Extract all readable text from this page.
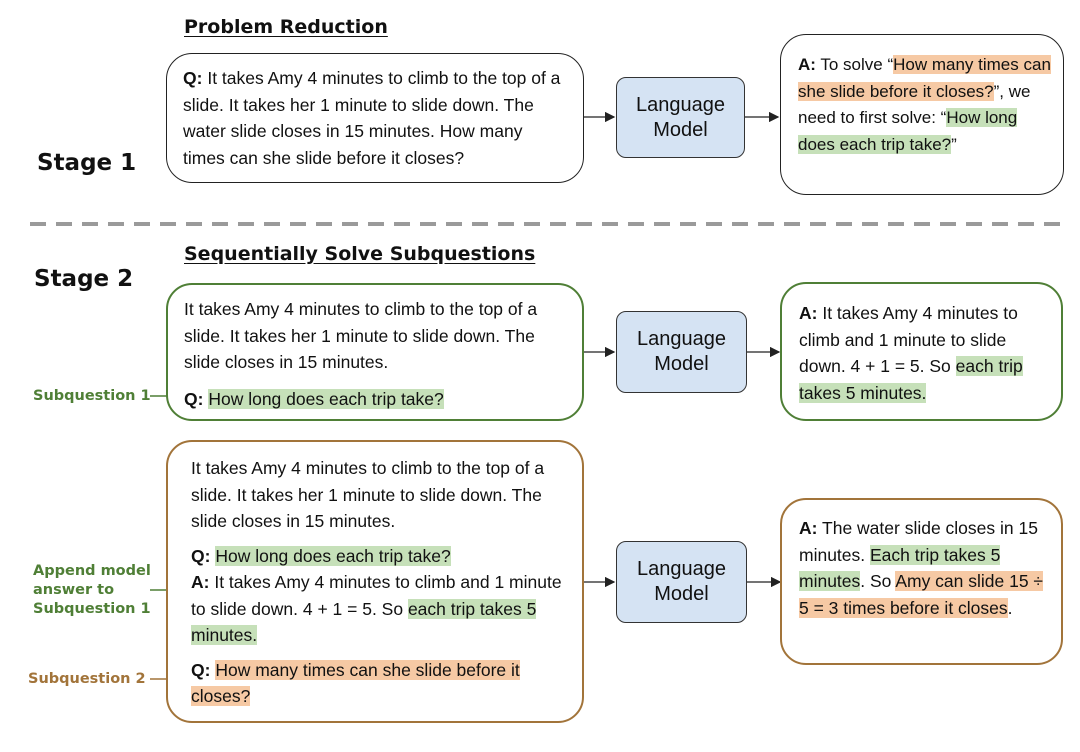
Problem Reduction
Stage 1

Q: It takes Amy 4 minutes to climb to the top of a slide. It takes her 1 minute to slide down. The water slide closes in 15 minutes. How many times can she slide before it closes?

Language Model

A: To solve “How many times can she slide before it closes?”, we need to first solve: “How long does each trip take?”

Sequentially Solve Subquestions
Stage 2
Subquestion 1

It takes Amy 4 minutes to climb to the top of a slide. It takes her 1 minute to slide down. The slide closes in 15 minutes.

Q: How long does each trip take?

Language Model

A: It takes Amy 4 minutes to climb and 1 minute to slide down. 4 + 1 = 5. So each trip takes 5 minutes.

Append model answer to Subquestion 1
Subquestion 2

It takes Amy 4 minutes to climb to the top of a slide. It takes her 1 minute to slide down. The slide closes in 15 minutes.

Q: How long does each trip take?

A: It takes Amy 4 minutes to climb and 1 minute to slide down. 4 + 1 = 5. So each trip takes 5 minutes.

Q: How many times can she slide before it closes?

Language Model

A: The water slide closes in 15 minutes. Each trip takes 5 minutes. So Amy can slide 15 ÷ 5 = 3 times before it closes.
